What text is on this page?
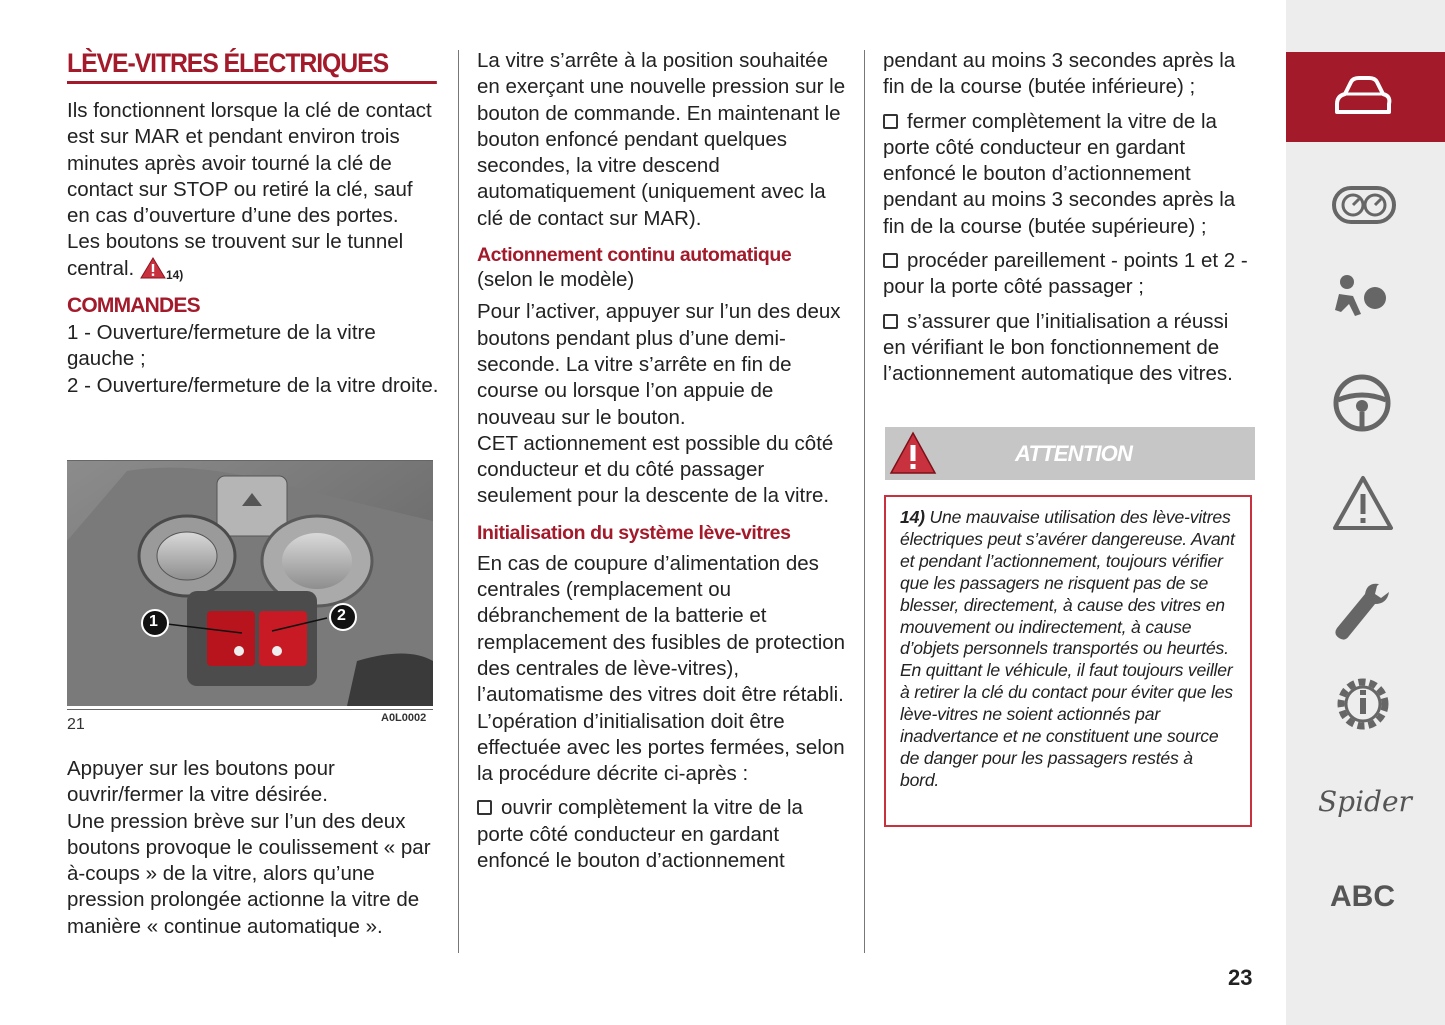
LÈVE-VITRES ÉLECTRIQUES

Ils fonctionnent lorsque la clé de contact est sur MAR et pendant environ trois minutes après avoir tourné la clé de contact sur STOP ou retiré la clé, sauf en cas d’ouverture d’une des portes.

Les boutons se trouvent sur le tunnel central.	$_{14)}$

COMMANDES

1 - Ouverture/fermeture de la vitre gauche ;

2 - Ouverture/fermeture de la vitre droite.

1	2
21	A0L0002

Appuyer sur les boutons pour ouvrir/fermer la vitre désirée.

Une pression brève sur l’un des deux boutons provoque le coulissement « par à-coups » de la vitre, alors qu’une pression prolongée actionne la vitre de manière « continue automatique ».

La vitre s’arrête à la position souhaitée en exerçant une nouvelle pression sur le bouton de commande. En maintenant le bouton enfoncé pendant quelques secondes, la vitre descend automatiquement (uniquement avec la clé de contact sur MAR).

Actionnement continu automatique

(selon le modèle)

Pour l’activer, appuyer sur l’un des deux boutons pendant plus d’une demi-seconde. La vitre s’arrête en fin de course ou lorsque l’on appuie de nouveau sur le bouton.

CET actionnement est possible du côté conducteur et du côté passager seulement pour la descente de la vitre.

Initialisation du système lève-vitres

En cas de coupure d’alimentation des centrales (remplacement ou débranchement de la batterie et remplacement des fusibles de protection des centrales de lève-vitres), l’automatisme des vitres doit être rétabli.

L’opération d’initialisation doit être effectuée avec les portes fermées, selon la procédure décrite ci-après :

ouvrir complètement la vitre de la porte côté conducteur en gardant enfoncé le bouton d’actionnement

pendant au moins 3 secondes après la fin de la course (butée inférieure) ;

fermer complètement la vitre de la porte côté conducteur en gardant enfoncé le bouton d’actionnement pendant au moins 3 secondes après la fin de la course (butée supérieure) ;

procéder pareillement - points 1 et 2 - pour la porte côté passager ;

s’assurer que l’initialisation a réussi en vérifiant le bon fonctionnement de l’actionnement automatique des vitres.

ATTENTION

14) Une mauvaise utilisation des lève-vitres électriques peut s’avérer dangereuse. Avant et pendant l’actionnement, toujours vérifier que les passagers ne risquent pas de se blesser, directement, à cause des vitres en mouvement ou indirectement, à cause d’objets personnels transportés ou heurtés. En quittant le véhicule, il faut toujours veiller à retirer la clé du contact pour éviter que les lève-vitres ne soient actionnés par inadvertance et ne constituent une source de danger pour les passagers restés à bord.

23
Spider
ABC
